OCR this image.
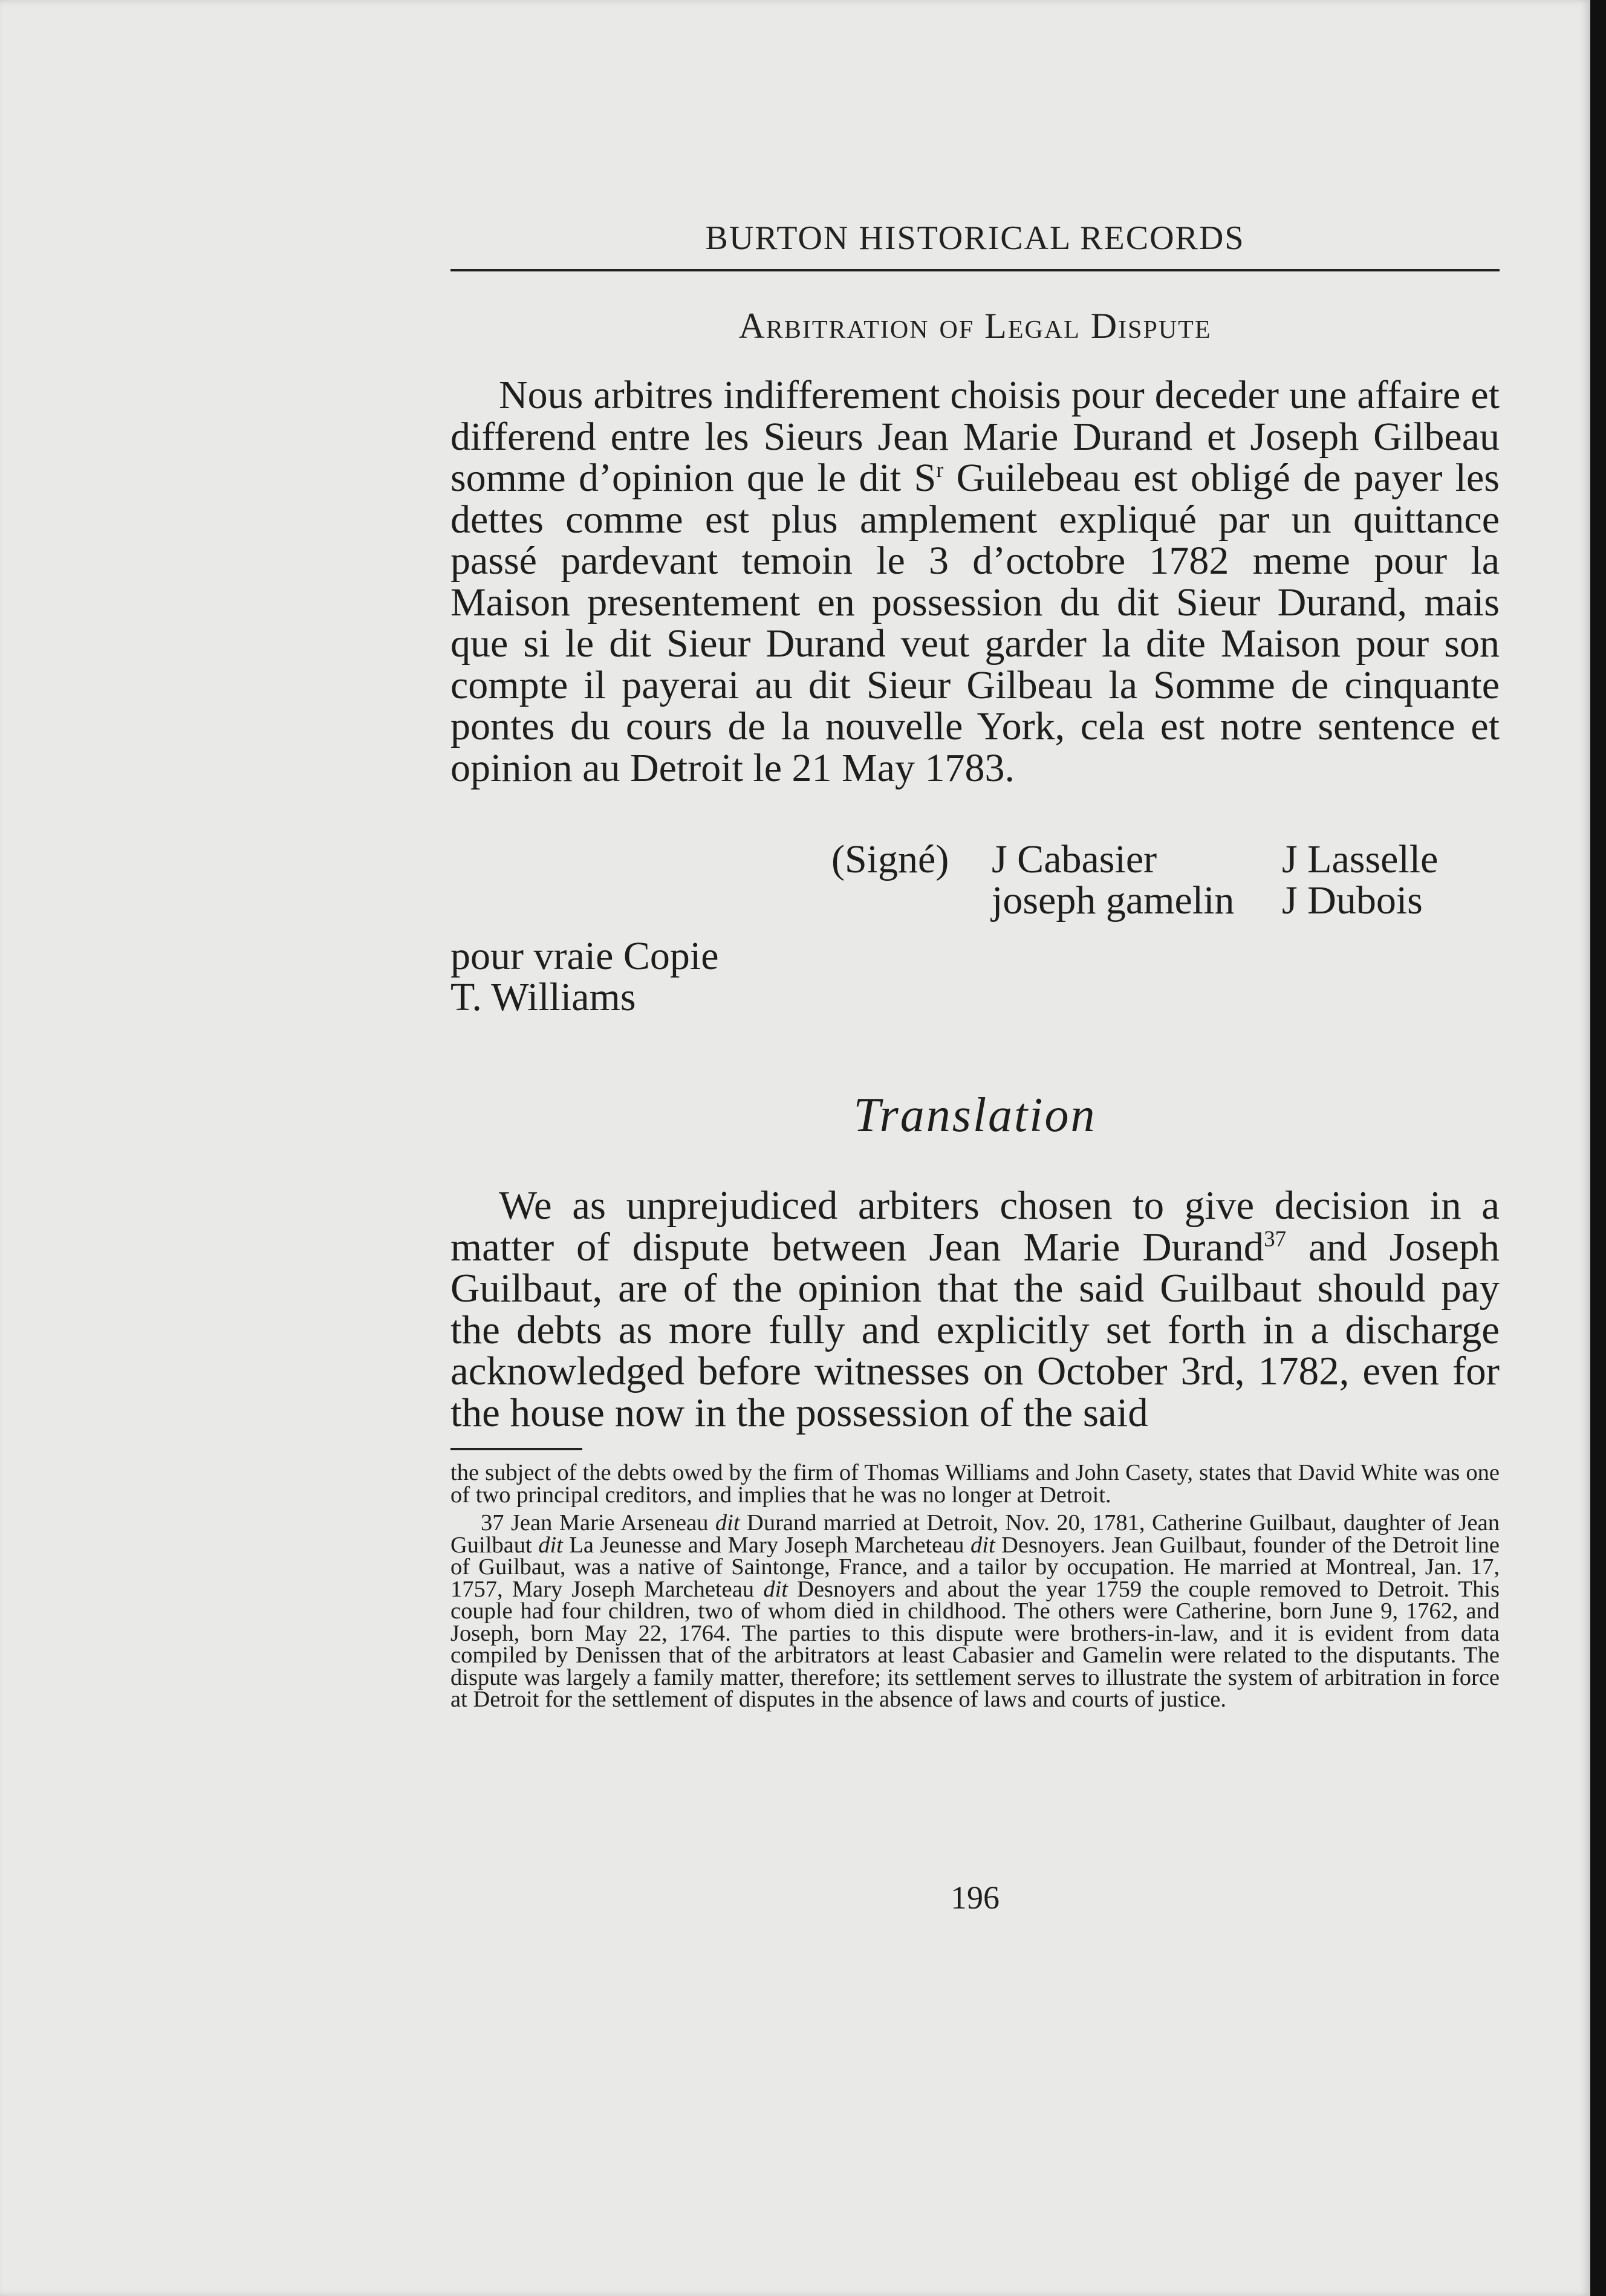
BURTON HISTORICAL RECORDS
Arbitration of Legal Dispute

Nous arbitres indifferement choisis pour deceder une affaire et differend entre les Sieurs Jean Marie Durand et Joseph Gilbeau somme d’opinion que le dit $S^r$ Guilebeau est obligé de payer les dettes comme est plus amplement expliqué par un quittance passé pardevant temoin le 3 d’octobre 1782 meme pour la Maison presentement en possession du dit Sieur Durand, mais que si le dit Sieur Durand veut garder la dite Maison pour son compte il payerai au dit Sieur Gilbeau la Somme de cinquante pontes du cours de la nouvelle York, cela est notre sentence et opinion au Detroit le 21 May 1783.

(Signé) J Cabasier	J Lasselle
joseph gamelin J Dubois
pour vraie Copie
T. Williams
Translation

We as unprejudiced arbiters chosen to give decision in a matter of dispute between Jean Marie Durand$^{37}$ and Joseph Guilbaut, are of the opinion that the said Guilbaut should pay the debts as more fully and explicitly set forth in a discharge acknowledged before witnesses on October 3rd, 1782, even for the house now in the possession of the said

the subject of the debts owed by the firm of Thomas Williams and John Casety, states that David White was one of two principal creditors, and implies that he was no longer at Detroit.

37 Jean Marie Arseneau dit Durand married at Detroit, Nov. 20, 1781, Catherine Guilbaut, daughter of Jean Guilbaut dit La Jeunesse and Mary Joseph Marcheteau dit Desnoyers. Jean Guilbaut, founder of the Detroit line of Guilbaut, was a native of Saintonge, France, and a tailor by occupation. He married at Montreal, Jan. 17, 1757, Mary Joseph Marcheteau dit Desnoyers and about the year 1759 the couple removed to Detroit. This couple had four children, two of whom died in childhood. The others were Catherine, born June 9, 1762, and Joseph, born May 22, 1764. The parties to this dispute were brothers-in-law, and it is evident from data compiled by Denissen that of the arbitrators at least Cabasier and Gamelin were related to the disputants. The dispute was largely a family matter, therefore; its settlement serves to illustrate the system of arbitration in force at Detroit for the settlement of disputes in the absence of laws and courts of justice.

196
